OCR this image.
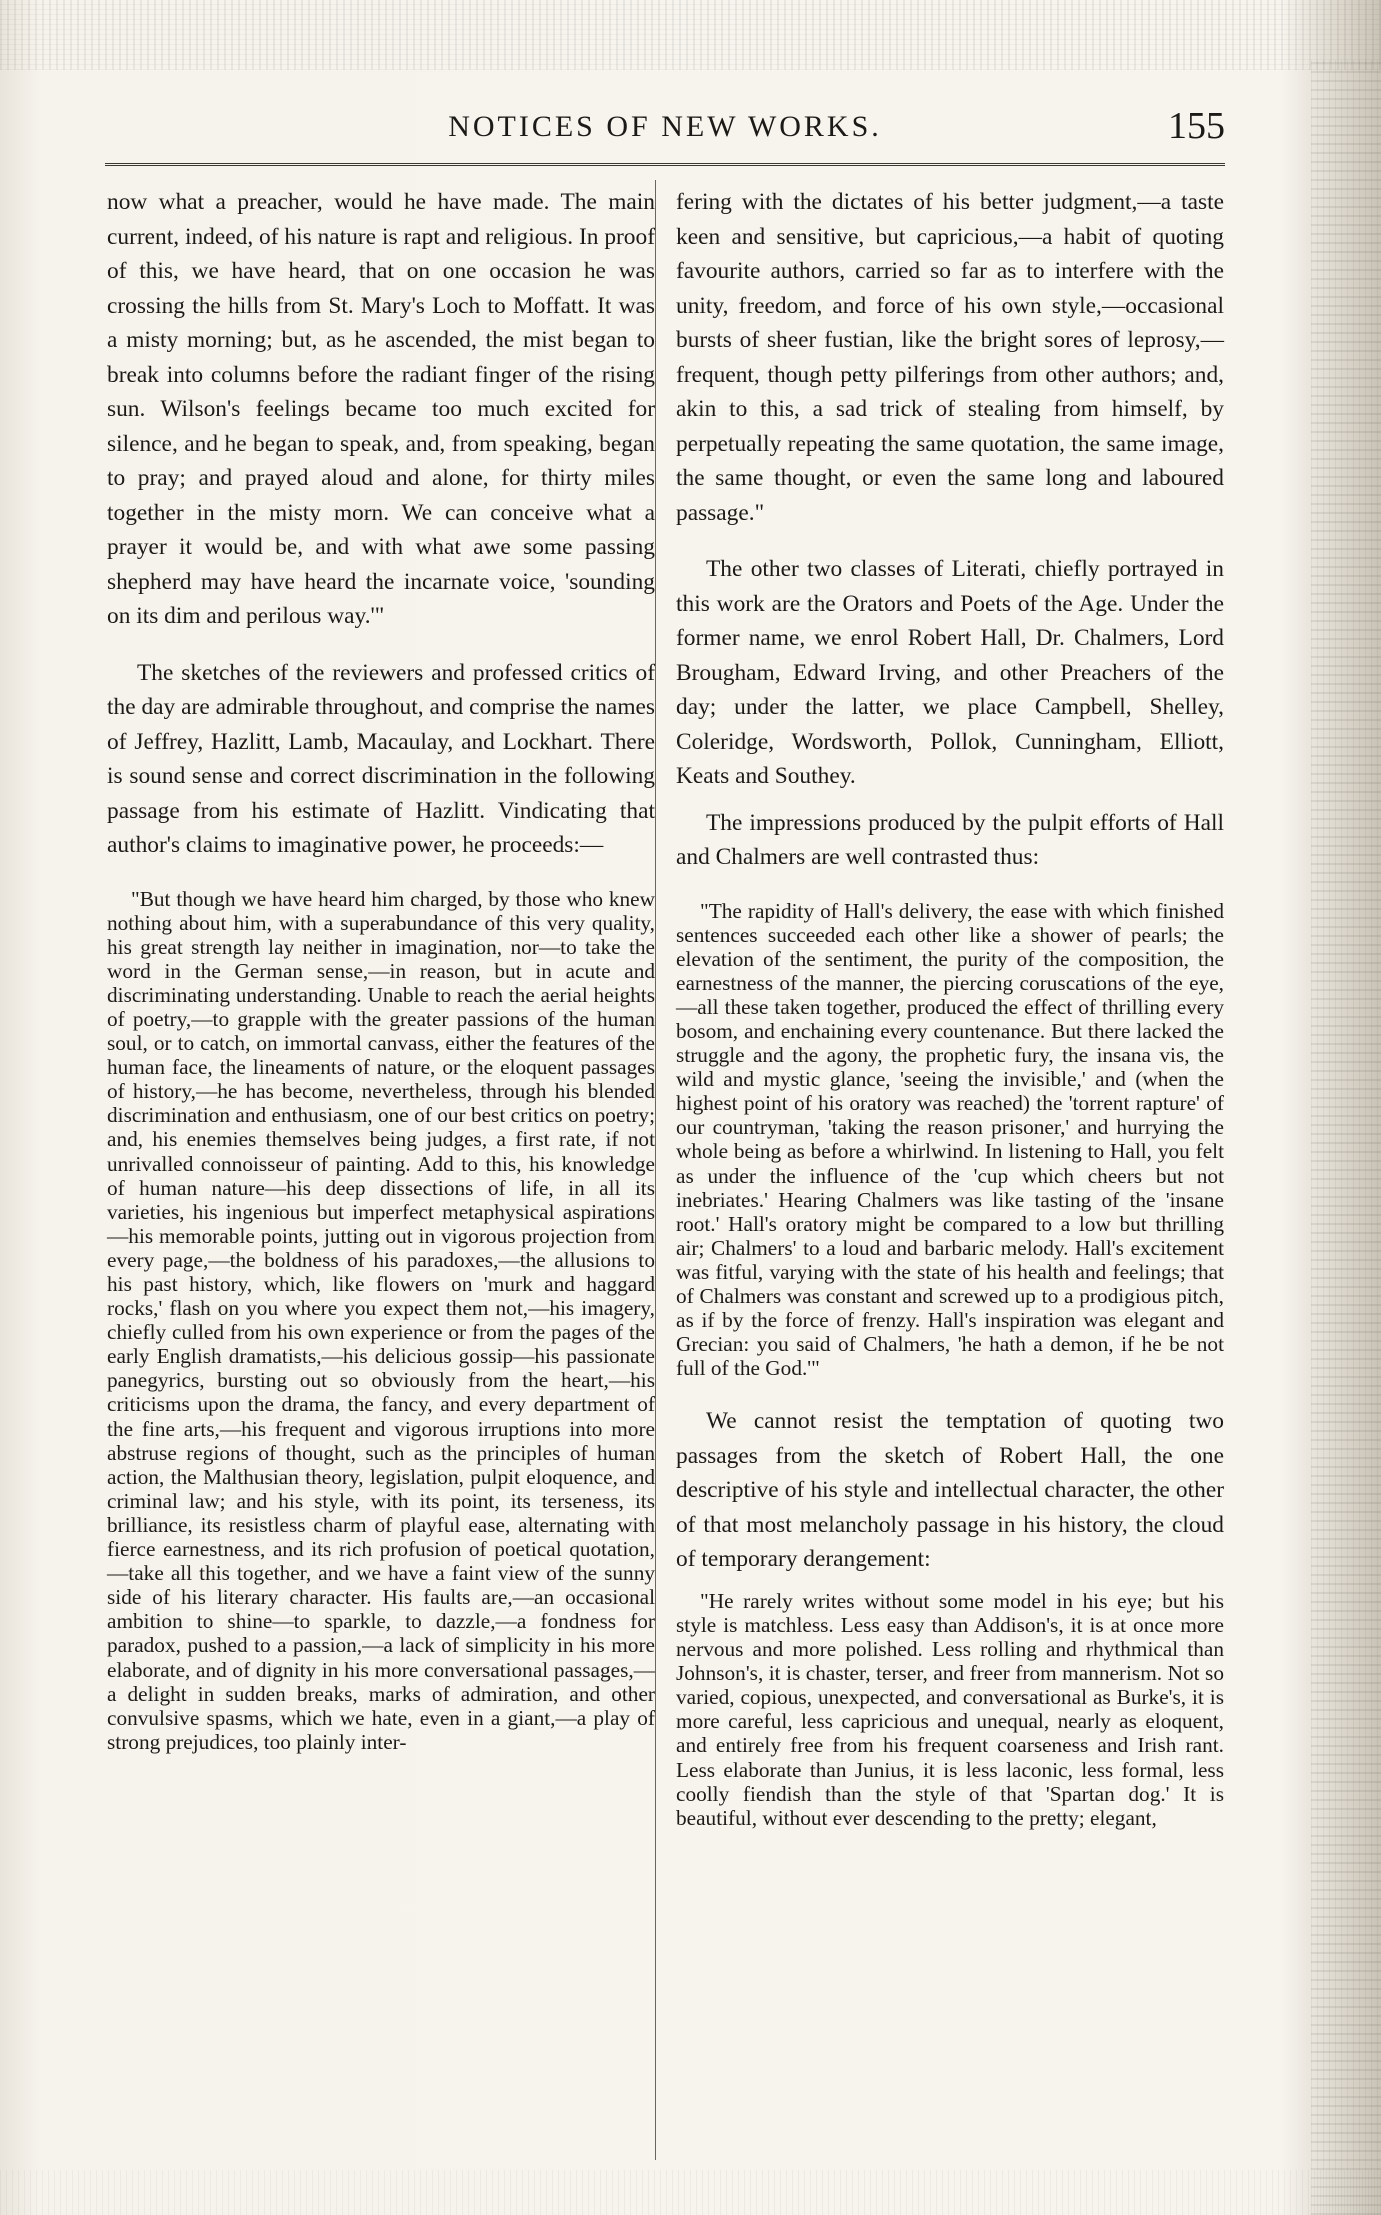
NOTICES OF NEW WORKS.	155

now what a preacher, would he have made. The main current, indeed, of his nature is rapt and religious. In proof of this, we have heard, that on one occasion he was crossing the hills from St. Mary's Loch to Moffatt. It was a misty morning; but, as he ascended, the mist began to break into columns before the radiant finger of the rising sun. Wilson's feelings became too much excited for silence, and he began to speak, and, from speaking, began to pray; and prayed aloud and alone, for thirty miles together in the misty morn. We can conceive what a prayer it would be, and with what awe some passing shepherd may have heard the incarnate voice, 'sounding on its dim and perilous way.'"

The sketches of the reviewers and professed critics of the day are admirable throughout, and comprise the names of Jeffrey, Hazlitt, Lamb, Macaulay, and Lockhart. There is sound sense and correct discrimination in the following passage from his estimate of Hazlitt. Vindicating that author's claims to imaginative power, he proceeds:—

"But though we have heard him charged, by those who knew nothing about him, with a superabundance of this very quality, his great strength lay neither in imagination, nor—to take the word in the German sense,—in reason, but in acute and discriminating understanding. Unable to reach the aerial heights of poetry,—to grapple with the greater passions of the human soul, or to catch, on immortal canvass, either the features of the human face, the lineaments of nature, or the eloquent passages of history,—he has become, nevertheless, through his blended discrimination and enthusiasm, one of our best critics on poetry; and, his enemies themselves being judges, a first rate, if not unrivalled connoisseur of painting. Add to this, his knowledge of human nature—his deep dissections of life, in all its varieties, his ingenious but imperfect metaphysical aspirations—his memorable points, jutting out in vigorous projection from every page,—the boldness of his paradoxes,—the allusions to his past history, which, like flowers on 'murk and haggard rocks,' flash on you where you expect them not,—his imagery, chiefly culled from his own experience or from the pages of the early English dramatists,—his delicious gossip—his passionate panegyrics, bursting out so obviously from the heart,—his criticisms upon the drama, the fancy, and every department of the fine arts,—his frequent and vigorous irruptions into more abstruse regions of thought, such as the principles of human action, the Malthusian theory, legislation, pulpit eloquence, and criminal law; and his style, with its point, its terseness, its brilliance, its resistless charm of playful ease, alternating with fierce earnestness, and its rich profusion of poetical quotation,—take all this together, and we have a faint view of the sunny side of his literary character. His faults are,—an occasional ambition to shine—to sparkle, to dazzle,—a fondness for paradox, pushed to a passion,—a lack of simplicity in his more elaborate, and of dignity in his more conversational passages,—a delight in sudden breaks, marks of admiration, and other convulsive spasms, which we hate, even in a giant,—a play of strong prejudices, too plainly inter-

fering with the dictates of his better judgment,—a taste keen and sensitive, but capricious,—a habit of quoting favourite authors, carried so far as to interfere with the unity, freedom, and force of his own style,—occasional bursts of sheer fustian, like the bright sores of leprosy,—frequent, though petty pilferings from other authors; and, akin to this, a sad trick of stealing from himself, by perpetually repeating the same quotation, the same image, the same thought, or even the same long and laboured passage."

The other two classes of Literati, chiefly portrayed in this work are the Orators and Poets of the Age. Under the former name, we enrol Robert Hall, Dr. Chalmers, Lord Brougham, Edward Irving, and other Preachers of the day; under the latter, we place Campbell, Shelley, Coleridge, Wordsworth, Pollok, Cunningham, Elliott, Keats and Southey.

The impressions produced by the pulpit efforts of Hall and Chalmers are well contrasted thus:

"The rapidity of Hall's delivery, the ease with which finished sentences succeeded each other like a shower of pearls; the elevation of the sentiment, the purity of the composition, the earnestness of the manner, the piercing coruscations of the eye,—all these taken together, produced the effect of thrilling every bosom, and enchaining every countenance. But there lacked the struggle and the agony, the prophetic fury, the insana vis, the wild and mystic glance, 'seeing the invisible,' and (when the highest point of his oratory was reached) the 'torrent rapture' of our countryman, 'taking the reason prisoner,' and hurrying the whole being as before a whirlwind. In listening to Hall, you felt as under the influence of the 'cup which cheers but not inebriates.' Hearing Chalmers was like tasting of the 'insane root.' Hall's oratory might be compared to a low but thrilling air; Chalmers' to a loud and barbaric melody. Hall's excitement was fitful, varying with the state of his health and feelings; that of Chalmers was constant and screwed up to a prodigious pitch, as if by the force of frenzy. Hall's inspiration was elegant and Grecian: you said of Chalmers, 'he hath a demon, if he be not full of the God.'"

We cannot resist the temptation of quoting two passages from the sketch of Robert Hall, the one descriptive of his style and intellectual character, the other of that most melancholy passage in his history, the cloud of temporary derangement:

"He rarely writes without some model in his eye; but his style is matchless. Less easy than Addison's, it is at once more nervous and more polished. Less rolling and rhythmical than Johnson's, it is chaster, terser, and freer from mannerism. Not so varied, copious, unexpected, and conversational as Burke's, it is more careful, less capricious and unequal, nearly as eloquent, and entirely free from his frequent coarseness and Irish rant. Less elaborate than Junius, it is less laconic, less formal, less coolly fiendish than the style of that 'Spartan dog.' It is beautiful, without ever descending to the pretty; elegant,
